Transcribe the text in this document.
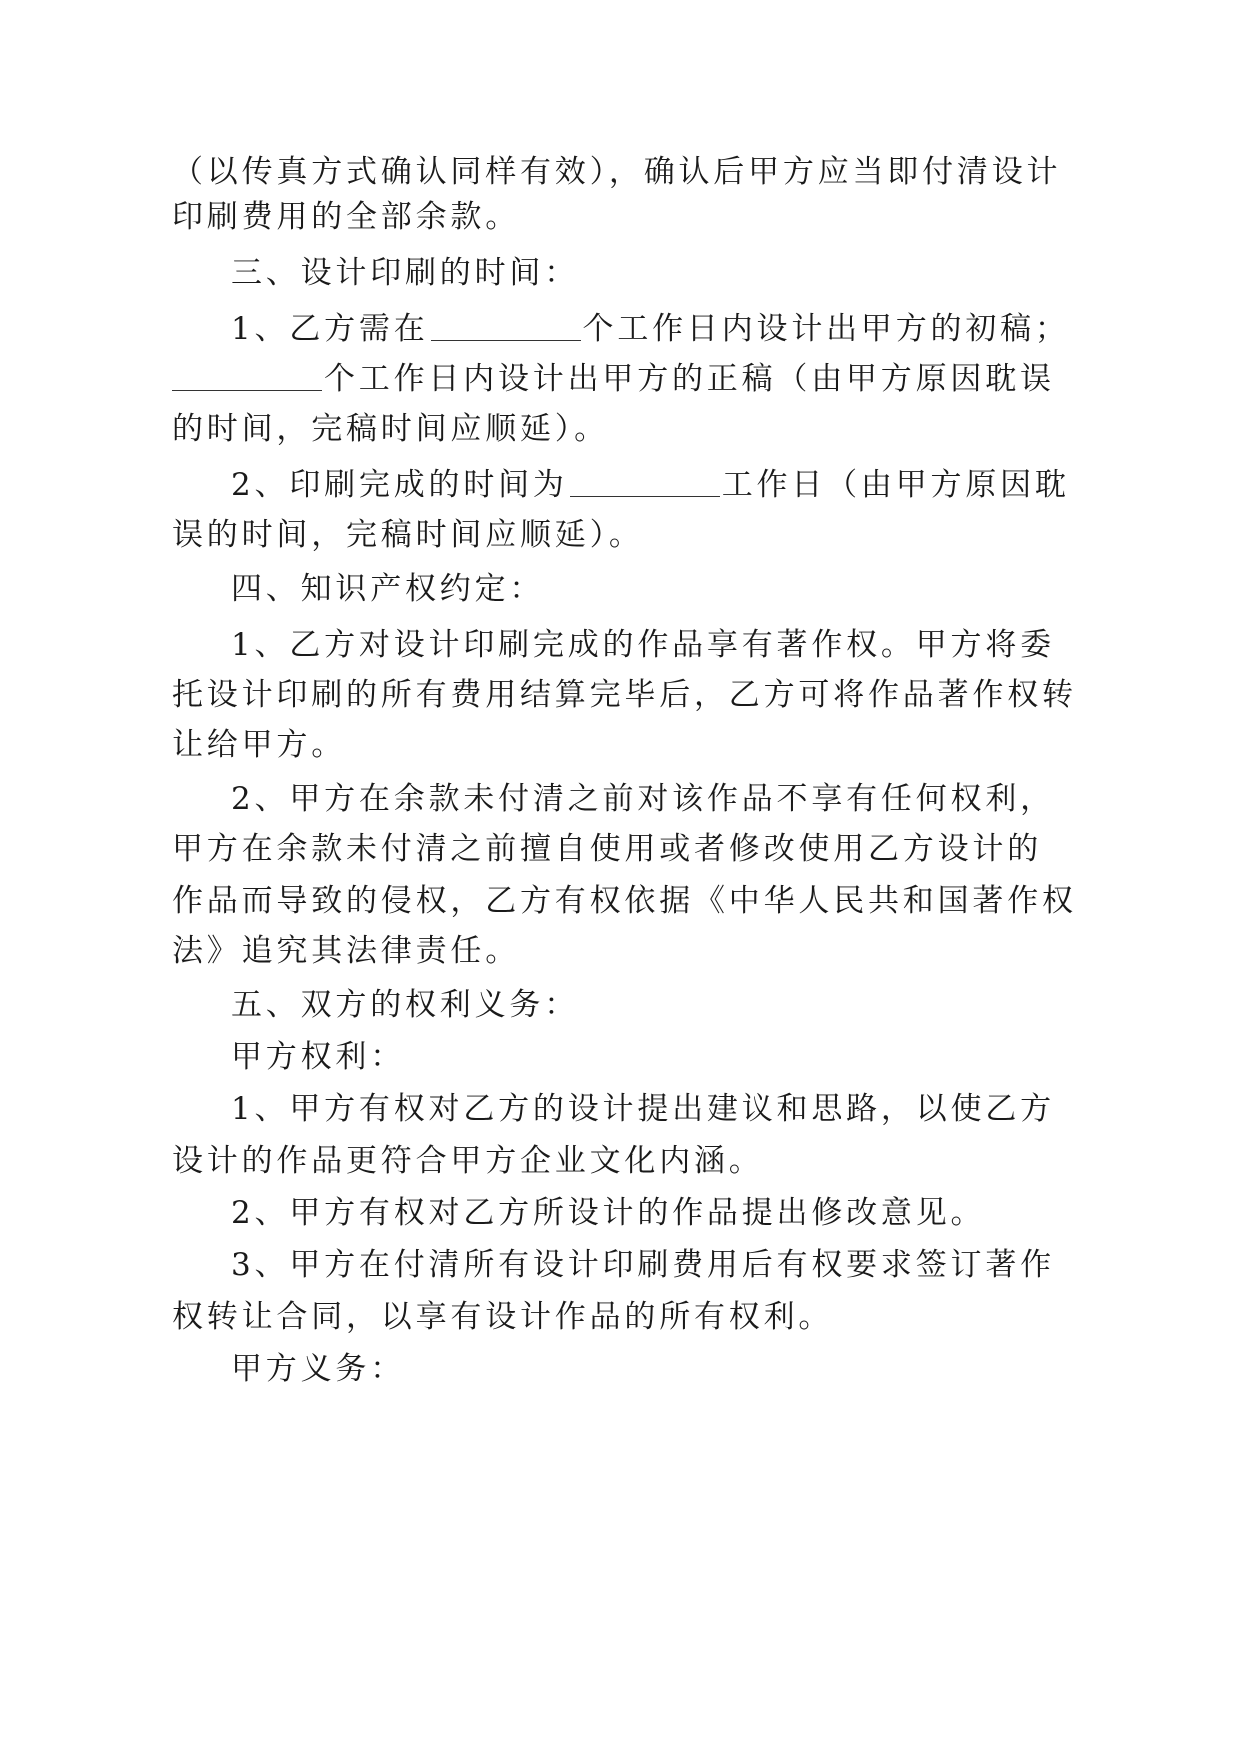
（以传真方式确认同样有效），确认后甲方应当即付清设计
印刷费用的全部余款。
三、设计印刷的时间：
1、乙方需在	个工作日内设计出甲方的初稿；
个工作日内设计出甲方的正稿（由甲方原因耽误
的时间，完稿时间应顺延）。
2、印刷完成的时间为	工作日（由甲方原因耽
误的时间，完稿时间应顺延）。
四、知识产权约定：
1、乙方对设计印刷完成的作品享有著作权。甲方将委
托设计印刷的所有费用结算完毕后，乙方可将作品著作权转
让给甲方。
2、甲方在余款未付清之前对该作品不享有任何权利，
甲方在余款未付清之前擅自使用或者修改使用乙方设计的
作品而导致的侵权，乙方有权依据《中华人民共和国著作权
法》追究其法律责任。
五、双方的权利义务：
甲方权利：
1、甲方有权对乙方的设计提出建议和思路，以使乙方
设计的作品更符合甲方企业文化内涵。
2、甲方有权对乙方所设计的作品提出修改意见。
3、甲方在付清所有设计印刷费用后有权要求签订著作
权转让合同，以享有设计作品的所有权利。
甲方义务：
